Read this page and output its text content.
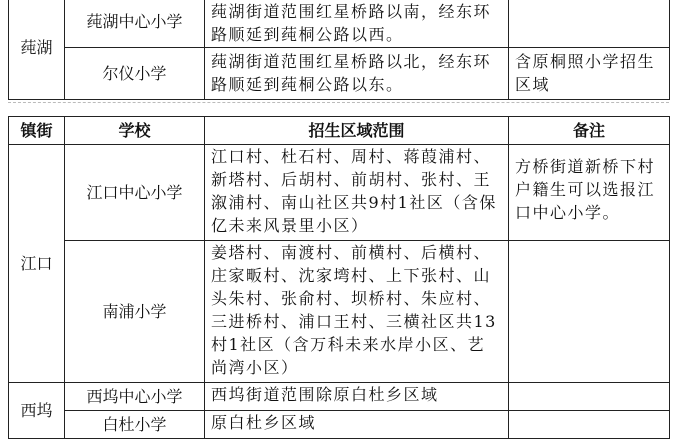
莼湖	莼湖中心小学	莼湖街道范围红星桥路以南，经东环路顺延到莼桐公路以西。	
	尔仪小学	莼湖街道范围红星桥路以北，经东环路顺延到莼桐公路以东。	含原桐照小学招生区域
镇街	学校	招生区域范围	备注
江口	江口中心小学	江口村、杜石村、周村、蒋葭浦村、新塔村、后胡村、前胡村、张村、王溆浦村、南山社区共9村1社区（含保亿未来风景里小区）	方桥街道新桥下村户籍生可以选报江口中心小学。
	南浦小学	姜塔村、南渡村、前横村、后横村、庄家畈村、沈家塆村、上下张村、山头朱村、张俞村、坝桥村、朱应村、三进桥村、浦口王村、三横社区共13村1社区（含万科未来水岸小区、艺尚湾小区）	
西坞	西坞中心小学	西坞街道范围除原白杜乡区域	
	白杜小学	原白杜乡区域	
